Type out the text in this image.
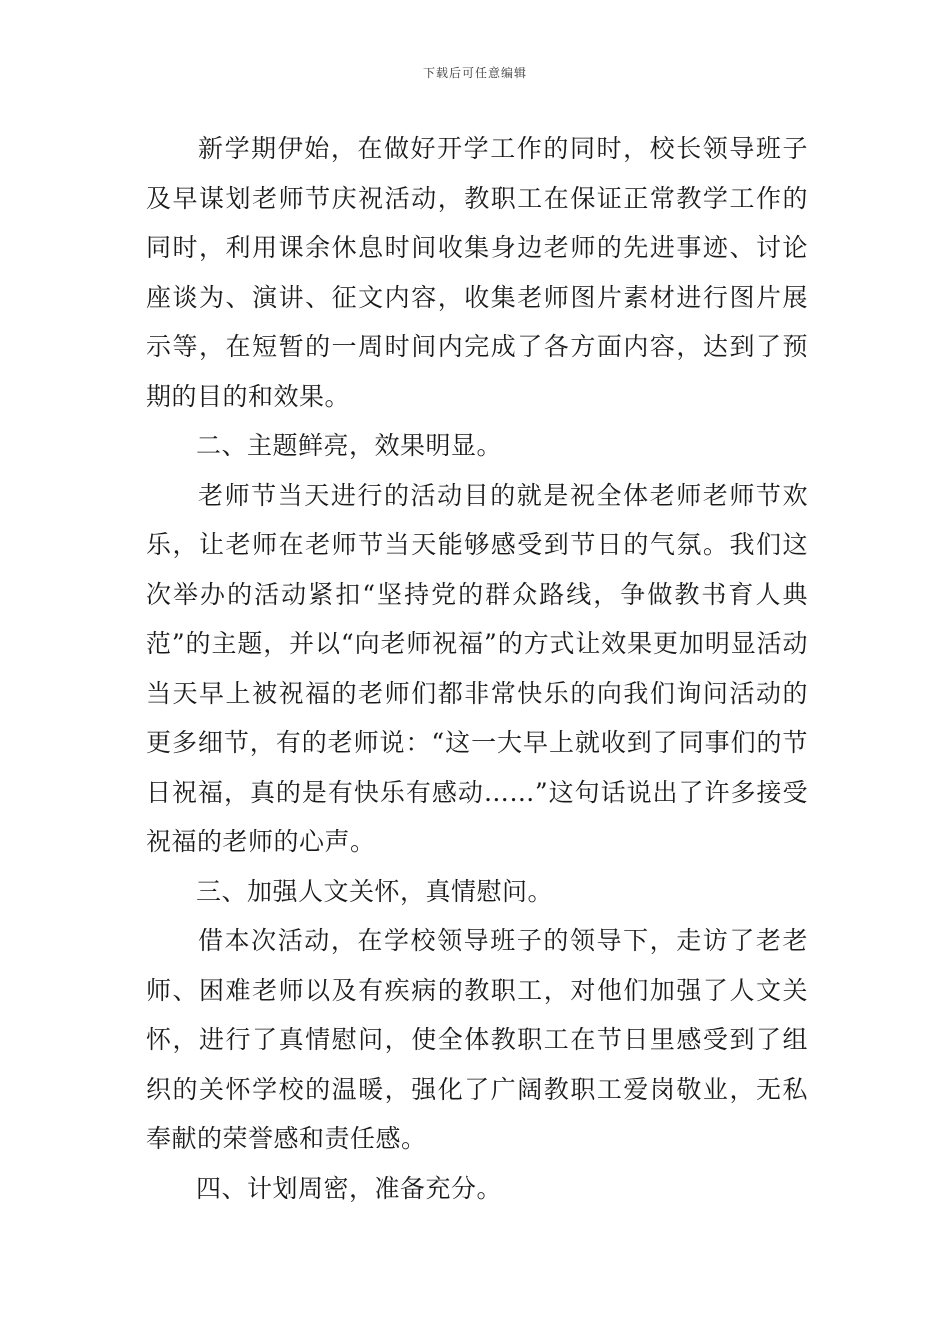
下载后可任意编辑

新学期伊始，在做好开学工作的同时，校长领导班子及早谋划老师节庆祝活动，教职工在保证正常教学工作的同时，利用课余休息时间收集身边老师的先进事迹、讨论座谈为、演讲、征文内容，收集老师图片素材进行图片展示等，在短暂的一周时间内完成了各方面内容，达到了预期的目的和效果。

二、主题鲜亮，效果明显。

老师节当天进行的活动目的就是祝全体老师老师节欢乐，让老师在老师节当天能够感受到节日的气氛。我们这次举办的活动紧扣“坚持党的群众路线，争做教书育人典范”的主题，并以“向老师祝福”的方式让效果更加明显活动当天早上被祝福的老师们都非常快乐的向我们询问活动的更多细节，有的老师说：“这一大早上就收到了同事们的节日祝福，真的是有快乐有感动……”这句话说出了许多接受祝福的老师的心声。

三、加强人文关怀，真情慰问。

借本次活动，在学校领导班子的领导下，走访了老老师、困难老师以及有疾病的教职工，对他们加强了人文关怀，进行了真情慰问，使全体教职工在节日里感受到了组织的关怀学校的温暖，强化了广阔教职工爱岗敬业，无私奉献的荣誉感和责任感。

四、计划周密，准备充分。
